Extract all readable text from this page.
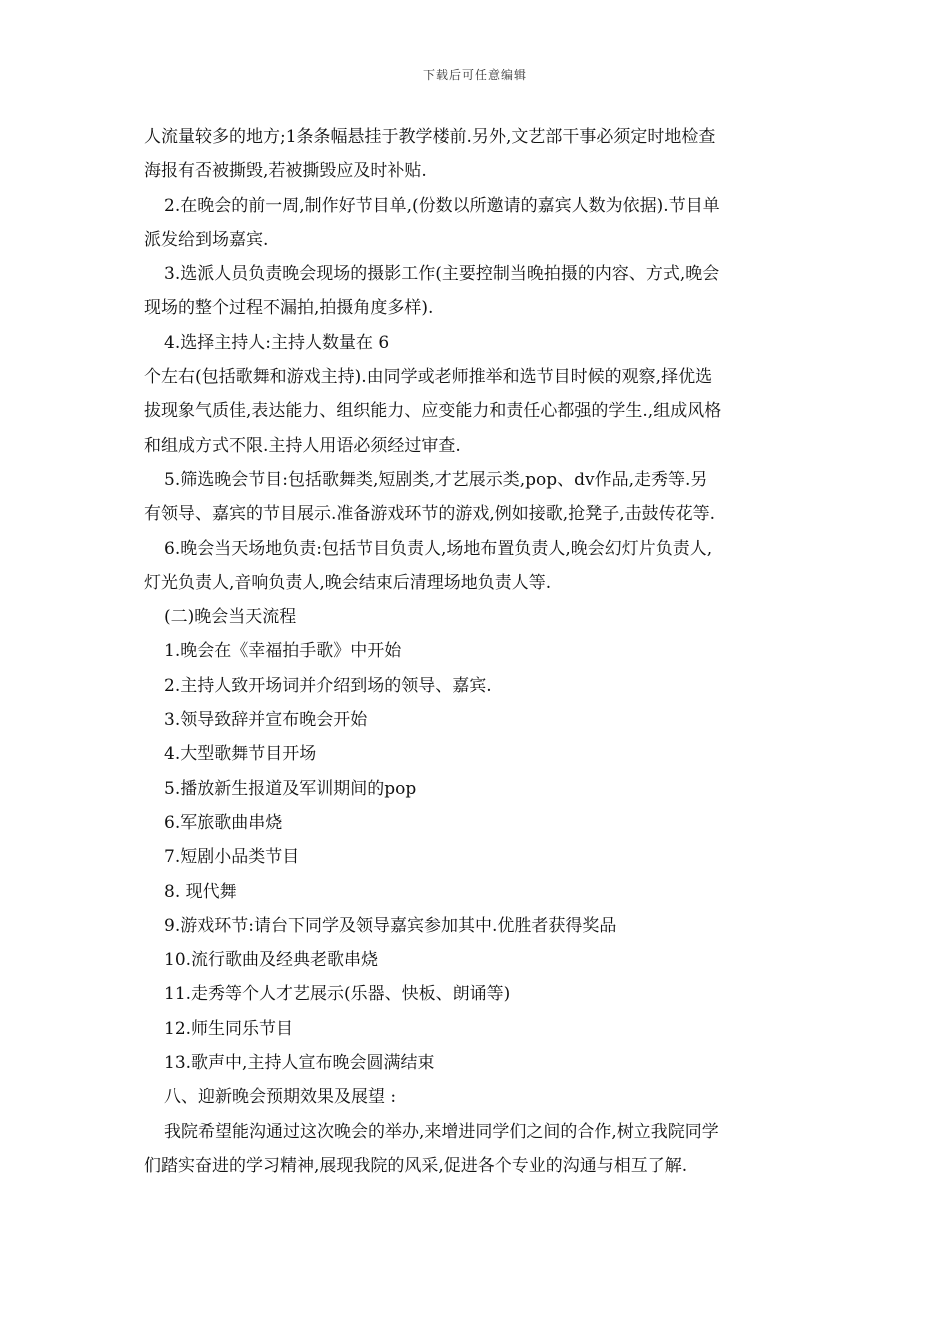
下载后可任意编辑

人流量较多的地方;1条条幅悬挂于教学楼前.另外,文艺部干事必须定时地检查

海报有否被撕毁,若被撕毁应及时补贴.

2.在晚会的前一周,制作好节目单,(份数以所邀请的嘉宾人数为依据).节目单

派发给到场嘉宾.

3.选派人员负责晚会现场的摄影工作(主要控制当晚拍摄的内容、方式,晚会

现场的整个过程不漏拍,拍摄角度多样).

4.选择主持人:主持人数量在 6

个左右(包括歌舞和游戏主持).由同学或老师推举和选节目时候的观察,择优选

拔现象气质佳,表达能力、组织能力、应变能力和责任心都强的学生.,组成风格

和组成方式不限.主持人用语必须经过审查.

5.筛选晚会节目:包括歌舞类,短剧类,才艺展示类,pop、dv作品,走秀等.另

有领导、嘉宾的节目展示.准备游戏环节的游戏,例如接歌,抢凳子,击鼓传花等.

6.晚会当天场地负责:包括节目负责人,场地布置负责人,晚会幻灯片负责人,

灯光负责人,音响负责人,晚会结束后清理场地负责人等.

(二)晚会当天流程

1.晚会在《幸福拍手歌》中开始

2.主持人致开场词并介绍到场的领导、嘉宾.

3.领导致辞并宣布晚会开始

4.大型歌舞节目开场

5.播放新生报道及军训期间的pop

6.军旅歌曲串烧

7.短剧小品类节目

8. 现代舞

9.游戏环节:请台下同学及领导嘉宾参加其中.优胜者获得奖品

10.流行歌曲及经典老歌串烧

11.走秀等个人才艺展示(乐器、快板、朗诵等)

12.师生同乐节目

13.歌声中,主持人宣布晚会圆满结束

八、迎新晚会预期效果及展望 :

我院希望能沟通过这次晚会的举办,来增进同学们之间的合作,树立我院同学

们踏实奋进的学习精神,展现我院的风采,促进各个专业的沟通与相互了解.
